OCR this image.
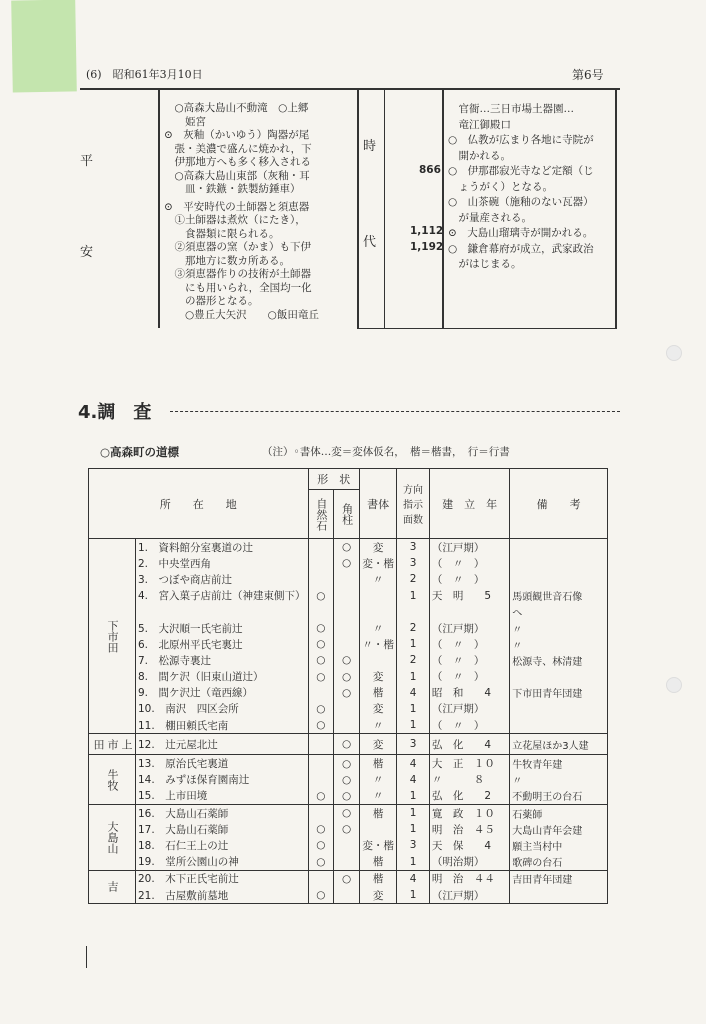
(6)　昭和61年3月10日	第6号
平
安
　○高森大島山不動滝　○上郷
　　姫宮
⊙　灰釉（かいゆう）陶器が尾
　張・美濃で盛んに焼かれ，下
　伊那地方へも多く移入される
　○高森大島山東部（灰釉・耳
　　皿・鉄鏃・鉄製紡錘車）
⊙　平安時代の土師器と須恵器
　①土師器は煮炊（にたき），
　　食器類に限られる。
　②須恵器の窯（かま）も下伊
　　那地方に数カ所ある。
　③須恵器作りの技術が土師器
　　にも用いられ，全国均一化
　　の器形となる。
　　○豊丘大矢沢　　○飯田竜丘
時
代
866
1,112
1,192
　官衙…三日市場土器園…
　竜江御殿口
○　仏教が広まり各地に寺院が
　開かれる。
○　伊那郡寂光寺など定額（じ
　ょうがく）となる。
○　山茶碗（施釉のない瓦器）
　が量産される。
⊙　大島山瑠璃寺が開かれる。
○　鎌倉幕府が成立，武家政治
　がはじまる。
4.調　査
○高森町の道標	（注）◦書体…変＝変体仮名，　楷＝楷書，　行＝行書
所　　在　　地		形　状		書体	方向指示面数	建　立　年	備　　考
		自然石	角柱				
下市田	1.　資料館分室裏道の辻		○	変	3	（江戸期）	
	2.　中央堂西角		○	変・楷	3	（　〃　）	
	3.　つぼや商店前辻			〃	2	（　〃　）	
	4.　宮入菓子店前辻（神建東側下）	○			1	天　明　　5	馬頭観世音石像
							へ
	5.　大沢順一氏宅前辻	○		〃	2	（江戸期）	〃
	6.　北原州平氏宅裏辻	○		〃・楷	1	（　〃　）	〃
	7.　松源寺裏辻	○	○		2	（　〃　）	松源寺、林清建
	8.　間ケ沢（旧東山道辻）	○	○	変	1	（　〃　）	
	9.　間ケ沢辻（竜西線）		○	楷	4	昭　和　　4	下市田青年団建
	10.　南沢　四区会所	○		変	1	（江戸期）	
	11.　棚田頼氏宅南	○		〃	1	（　〃　）	
上市田	12.　辻元屋北辻		○	変	3	弘　化　　4	立花屋ほか3人建
牛牧	13.　原治氏宅裏道		○	楷	4	大　正　１０	牛牧青年建
	14.　みずほ保育園南辻		○	〃	4	〃　　　８	〃
	15.　上市田境	○	○	〃	1	弘　化　　2	不動明王の台石
大島山	16.　大島山石薬師		○	楷	1	寛　政　１０	石薬師
	17.　大島山石薬師	○	○		1	明　治　４５	大島山青年会建
	18.　石仁王上の辻	○		変・楷	3	天　保　　4	願主当村中
	19.　堂所公園山の神	○		楷	1	（明治期）	歌碑の台石
吉	20.　木下正氏宅前辻		○	楷	4	明　治　４４	吉田青年団建
	21.　古屋敷前墓地	○		変	1	（江戸期）	
